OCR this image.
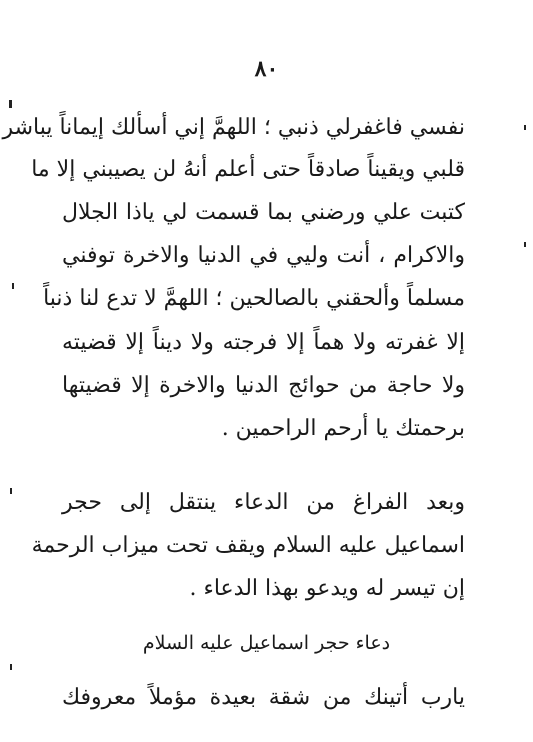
٨٠
نفسي فاغفرلي ذنبي ؛ اللهمَّ إني أسألك إيماناً يباشر
قلبي ويقيناً صادقاً حتى أعلم أنهُ لن يصيبني إلا ما
كتبت علي ورضني بما قسمت لي ياذا الجلال
والاكرام ، أنت وليي في الدنيا والاخرة توفني
مسلماً وألحقني بالصالحين ؛ اللهمَّ لا تدع لنا ذنباً
إلا غفرته ولا هماً إلا فرجته ولا ديناً إلا قضيته
ولا حاجة من حوائج الدنيا والاخرة إلا قضيتها
برحمتك يا أرحم الراحمين .
وبعد الفراغ من الدعاء ينتقل إلى حجر
اسماعيل عليه السلام ويقف تحت ميزاب الرحمة
إن تيسر له ويدعو بهذا الدعاء .
دعاء حجر اسماعيل عليه السلام
يارب أتينك من شقة بعيدة مؤملاً معروفك
